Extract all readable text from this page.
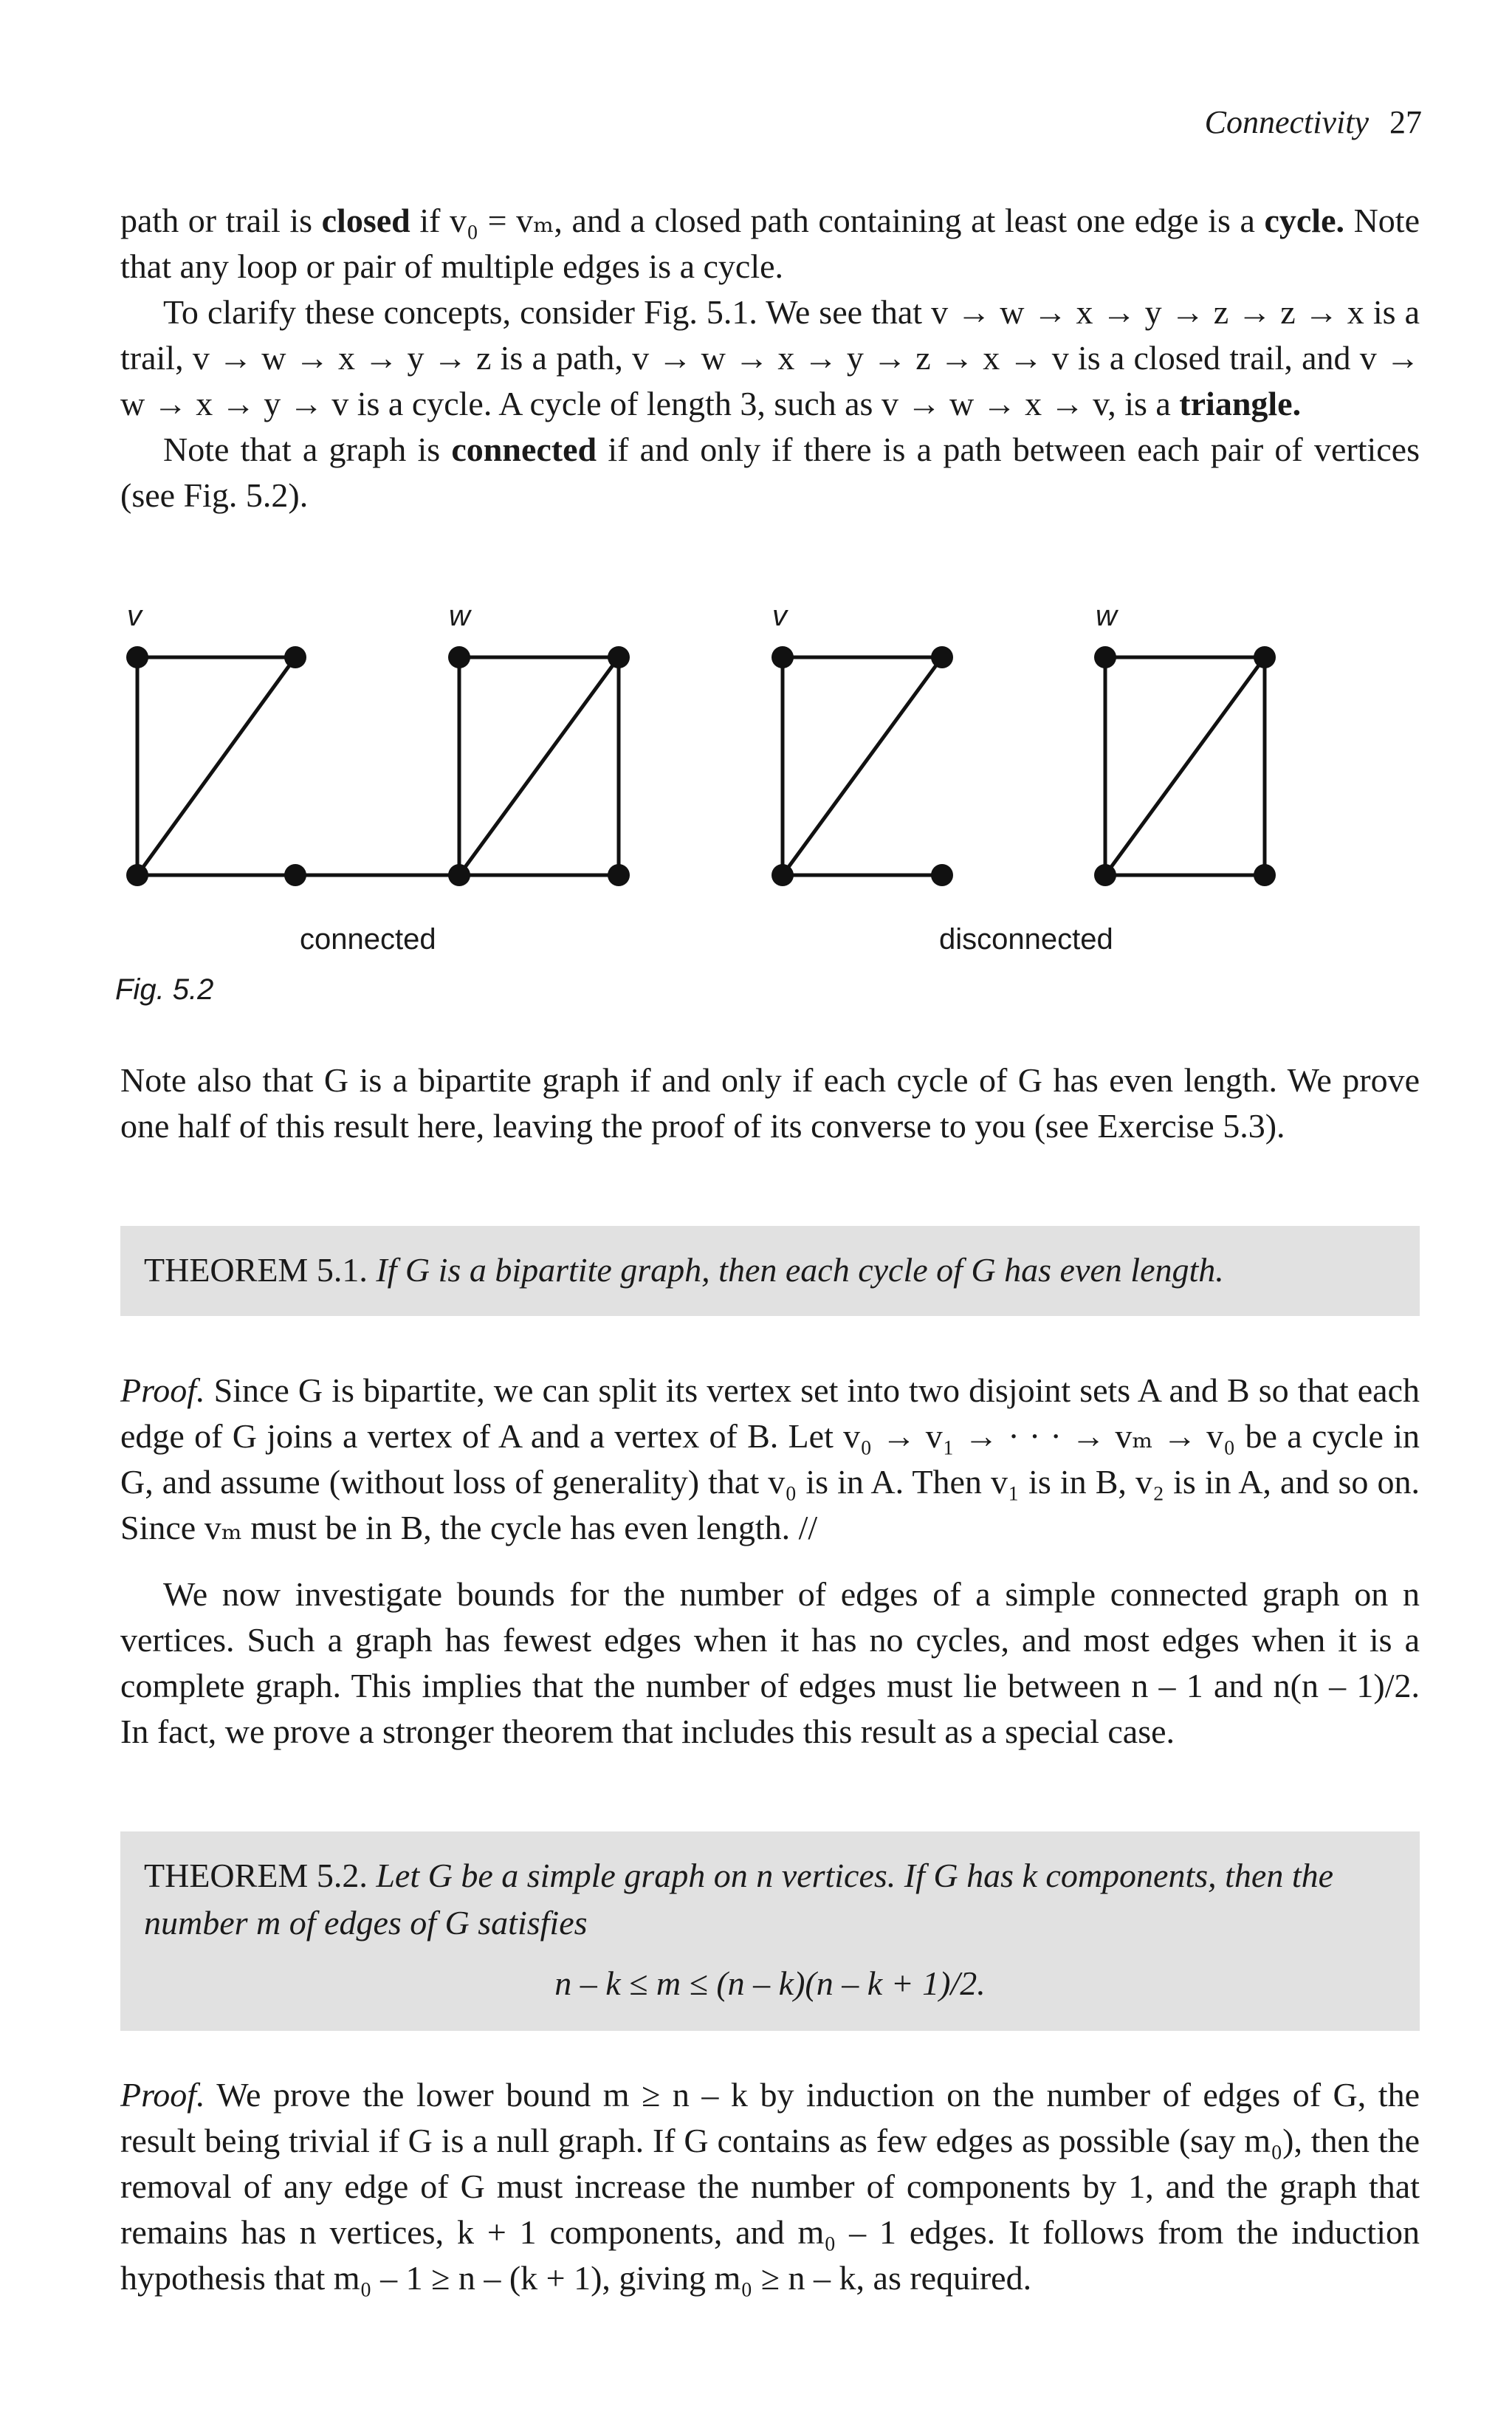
Connectivity 27

path or trail is closed if v₀ = vₘ, and a closed path containing at least one edge is a cycle. Note that any loop or pair of multiple edges is a cycle.

To clarify these concepts, consider Fig. 5.1. We see that v → w → x → y → z → z → x is a trail, v → w → x → y → z is a path, v → w → x → y → z → x → v is a closed trail, and v → w → x → y → v is a cycle. A cycle of length 3, such as v → w → x → v, is a triangle.

Note that a graph is connected if and only if there is a path between each pair of vertices (see Fig. 5.2).

v	w	v	w
connected	disconnected
Fig. 5.2

Note also that G is a bipartite graph if and only if each cycle of G has even length. We prove one half of this result here, leaving the proof of its converse to you (see Exercise 5.3).

THEOREM 5.1. If G is a bipartite graph, then each cycle of G has even length.

Proof. Since G is bipartite, we can split its vertex set into two disjoint sets A and B so that each edge of G joins a vertex of A and a vertex of B. Let v₀ → v₁ → · · · → vₘ → v₀ be a cycle in G, and assume (without loss of generality) that v₀ is in A. Then v₁ is in B, v₂ is in A, and so on. Since vₘ must be in B, the cycle has even length. //

We now investigate bounds for the number of edges of a simple connected graph on n vertices. Such a graph has fewest edges when it has no cycles, and most edges when it is a complete graph. This implies that the number of edges must lie between n – 1 and n(n – 1)/2. In fact, we prove a stronger theorem that includes this result as a special case.

THEOREM 5.2. Let G be a simple graph on n vertices. If G has k components, then the number m of edges of G satisfies
n – k ≤ m ≤ (n – k)(n – k + 1)/2.

Proof. We prove the lower bound m ≥ n – k by induction on the number of edges of G, the result being trivial if G is a null graph. If G contains as few edges as possible (say m₀), then the removal of any edge of G must increase the number of components by 1, and the graph that remains has n vertices, k + 1 components, and m₀ – 1 edges. It follows from the induction hypothesis that m₀ – 1 ≥ n – (k + 1), giving m₀ ≥ n – k, as required.
